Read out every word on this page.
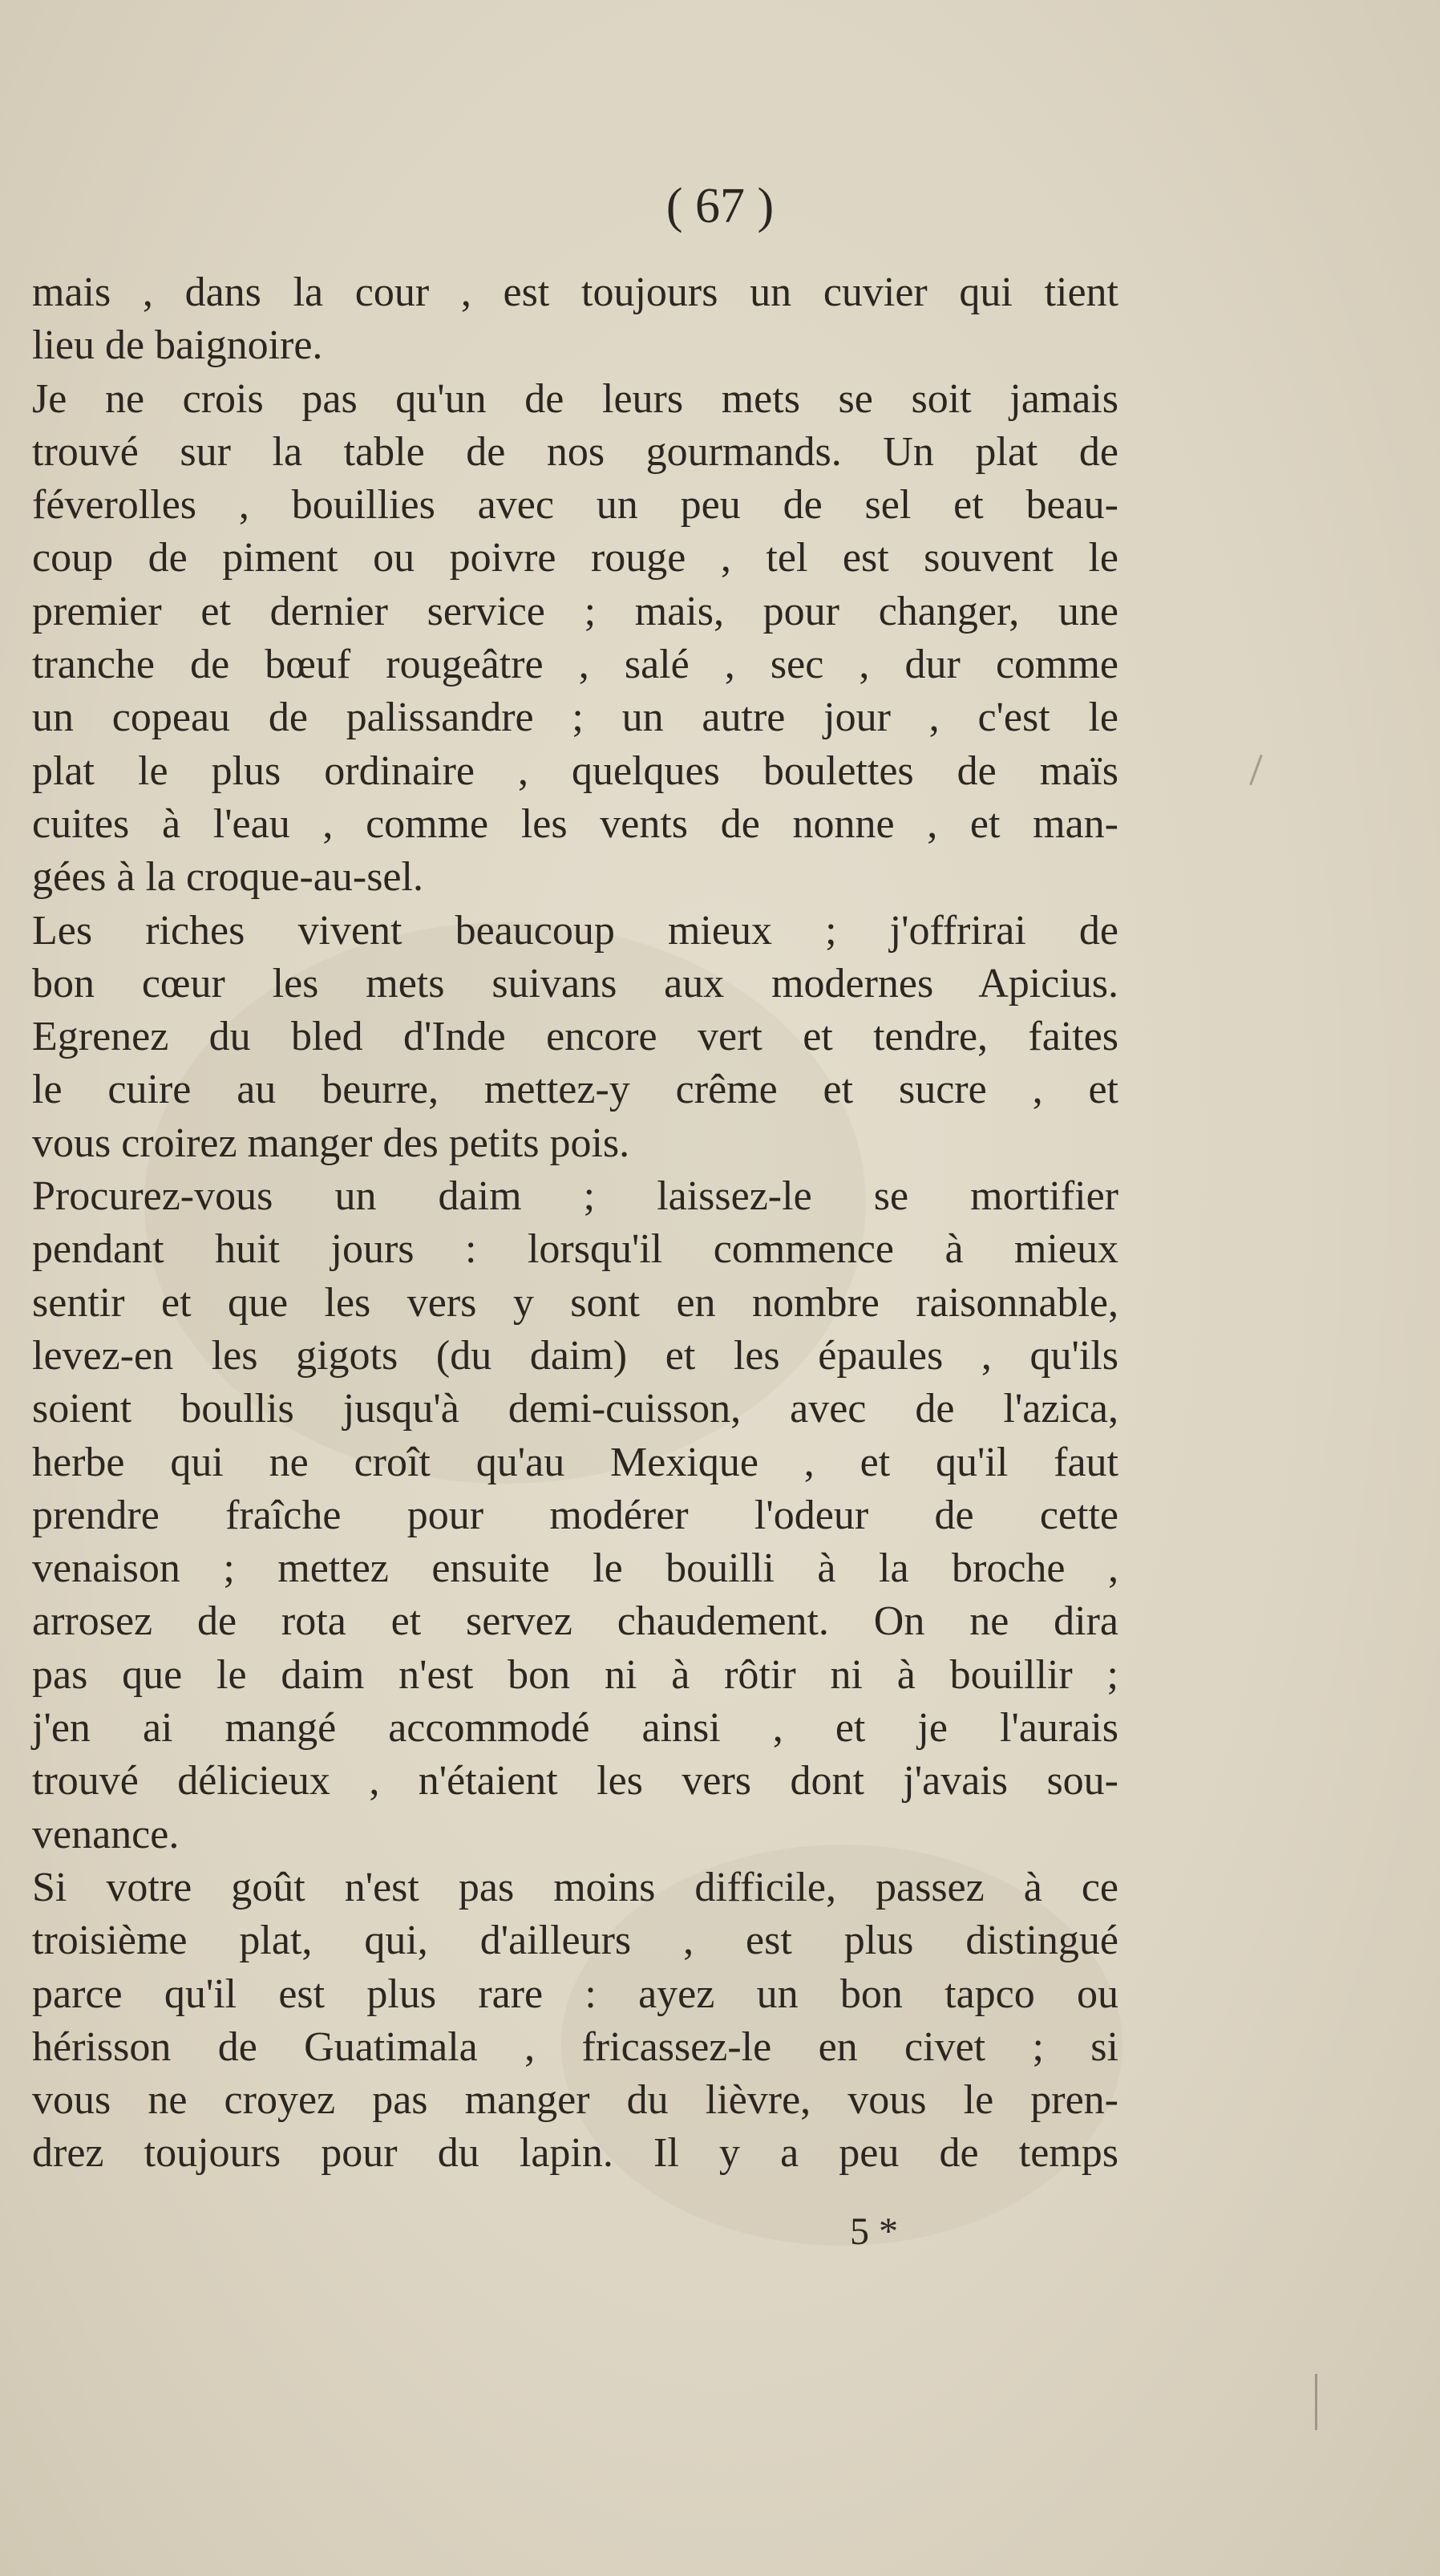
( 67 )
mais , dans la cour , est toujours un cuvier qui tient
lieu de baignoire.
Je ne crois pas qu'un de leurs mets se soit jamais
trouvé sur la table de nos gourmands. Un plat de
féverolles , bouillies avec un peu de sel et beau-
coup de piment ou poivre rouge , tel est souvent le
premier et dernier service ; mais, pour changer, une
tranche de bœuf rougeâtre , salé , sec , dur comme
un copeau de palissandre ; un autre jour , c'est le
plat le plus ordinaire , quelques boulettes de maïs
cuites à l'eau , comme les vents de nonne , et man-
gées à la croque-au-sel.
Les riches vivent beaucoup mieux ; j'offrirai de
bon cœur les mets suivans aux modernes Apicius.
Egrenez du bled d'Inde encore vert et tendre, faites
le cuire au beurre, mettez-y crême et sucre , et
vous croirez manger des petits pois.
Procurez-vous un daim ; laissez-le se mortifier
pendant huit jours : lorsqu'il commence à mieux
sentir et que les vers y sont en nombre raisonnable,
levez-en les gigots (du daim) et les épaules , qu'ils
soient boullis jusqu'à demi-cuisson, avec de l'azica,
herbe qui ne croît qu'au Mexique , et qu'il faut
prendre fraîche pour modérer l'odeur de cette
venaison ; mettez ensuite le bouilli à la broche ,
arrosez de rota et servez chaudement. On ne dira
pas que le daim n'est bon ni à rôtir ni à bouillir ;
j'en ai mangé accommodé ainsi , et je l'aurais
trouvé délicieux , n'étaient les vers dont j'avais sou-
venance.
Si votre goût n'est pas moins difficile, passez à ce
troisième plat, qui, d'ailleurs , est plus distingué
parce qu'il est plus rare : ayez un bon tapco ou
hérisson de Guatimala , fricassez-le en civet ; si
vous ne croyez pas manger du lièvre, vous le pren-
drez toujours pour du lapin. Il y a peu de temps
5 *
